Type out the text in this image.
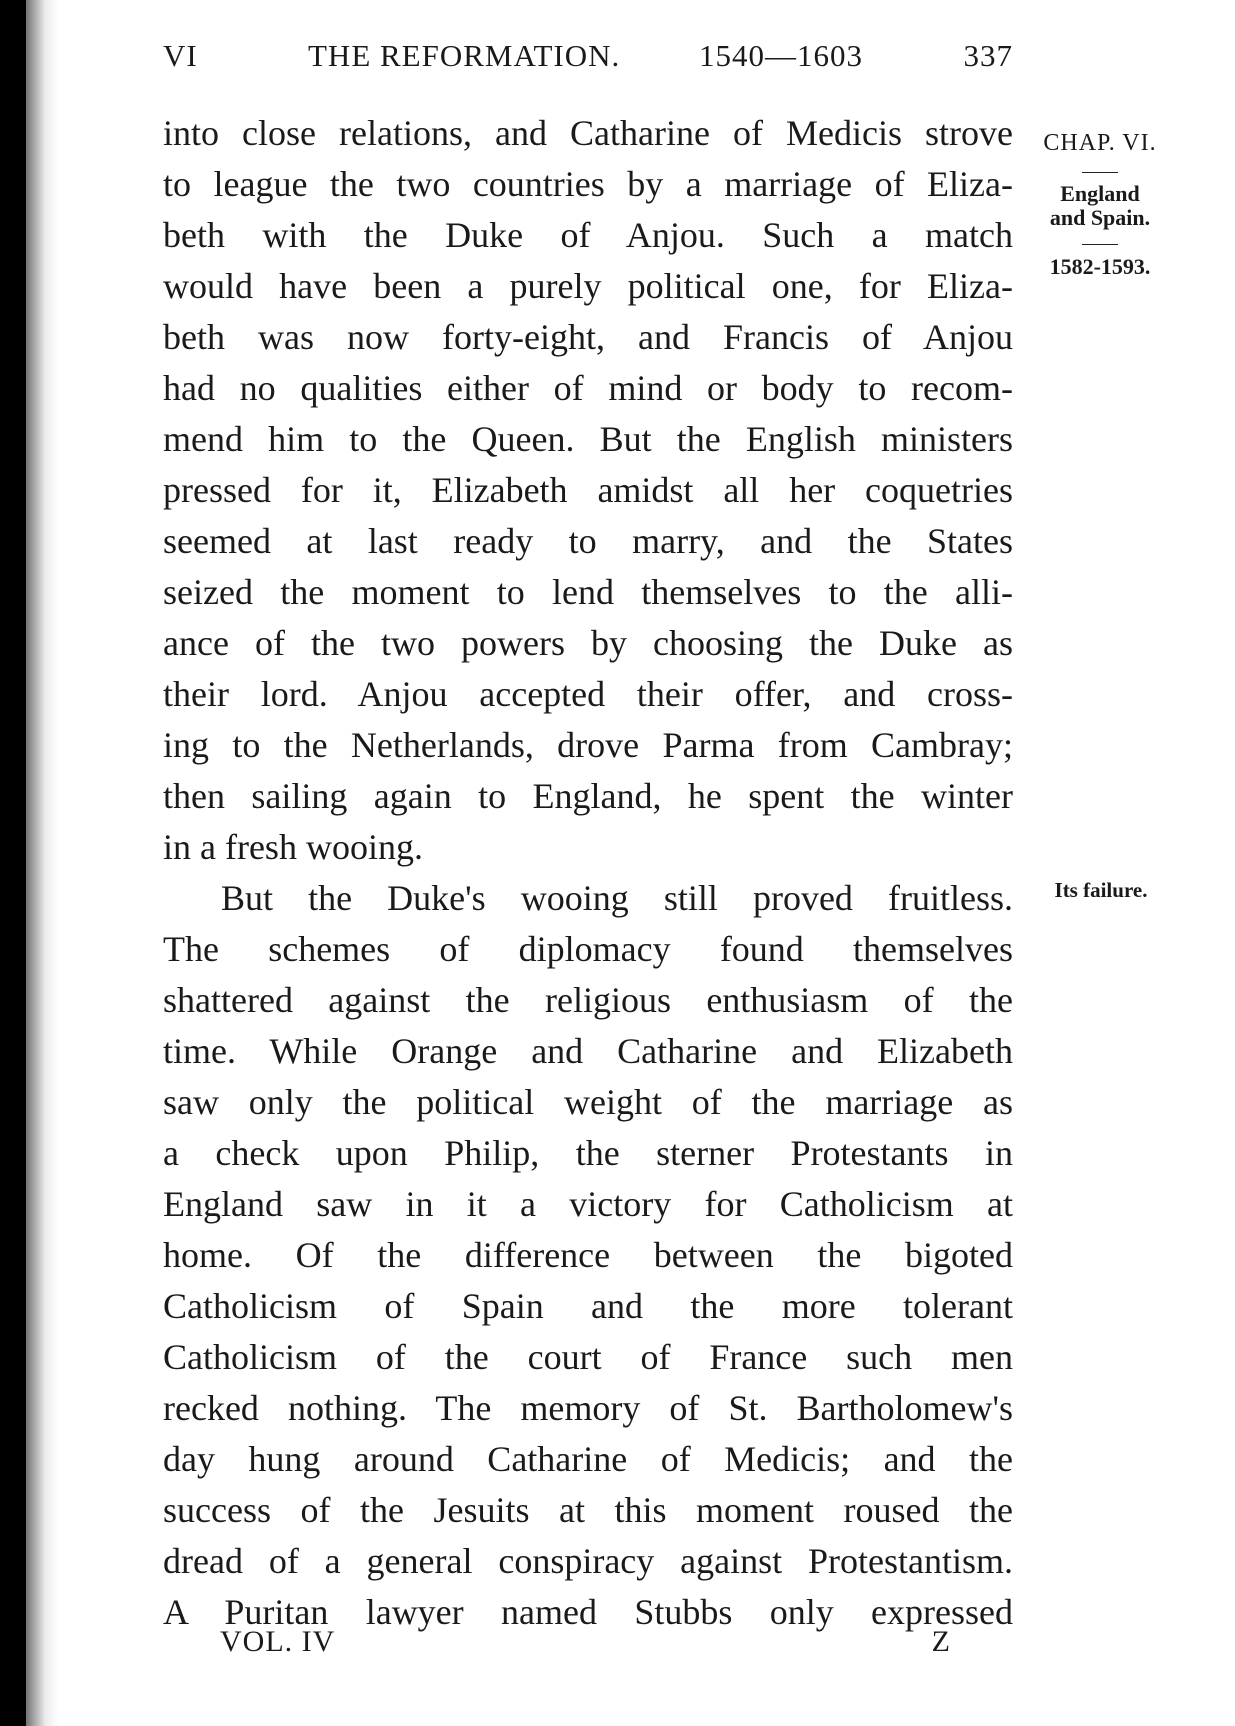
VI	THE REFORMATION.	1540—1603	337
into close relations, and Catharine of Medicis strove
to league the two countries by a marriage of Eliza-
beth with the Duke of Anjou. Such a match
would have been a purely political one, for Eliza-
beth was now forty-eight, and Francis of Anjou
had no qualities either of mind or body to recom-
mend him to the Queen. But the English ministers
pressed for it, Elizabeth amidst all her coquetries
seemed at last ready to marry, and the States
seized the moment to lend themselves to the alli-
ance of the two powers by choosing the Duke as
their lord. Anjou accepted their offer, and cross-
ing to the Netherlands, drove Parma from Cambray;
then sailing again to England, he spent the winter
in a fresh wooing.
But the Duke's wooing still proved fruitless.
The schemes of diplomacy found themselves
shattered against the religious enthusiasm of the
time. While Orange and Catharine and Elizabeth
saw only the political weight of the marriage as
a check upon Philip, the sterner Protestants in
England saw in it a victory for Catholicism at
home. Of the difference between the bigoted
Catholicism of Spain and the more tolerant
Catholicism of the court of France such men
recked nothing. The memory of St. Bartholomew's
day hung around Catharine of Medicis; and the
success of the Jesuits at this moment roused the
dread of a general conspiracy against Protestantism.
A Puritan lawyer named Stubbs only expressed
CHAP. VI.
England
and Spain.
1582-1593.
Its failure.
VOL. IV	Z
